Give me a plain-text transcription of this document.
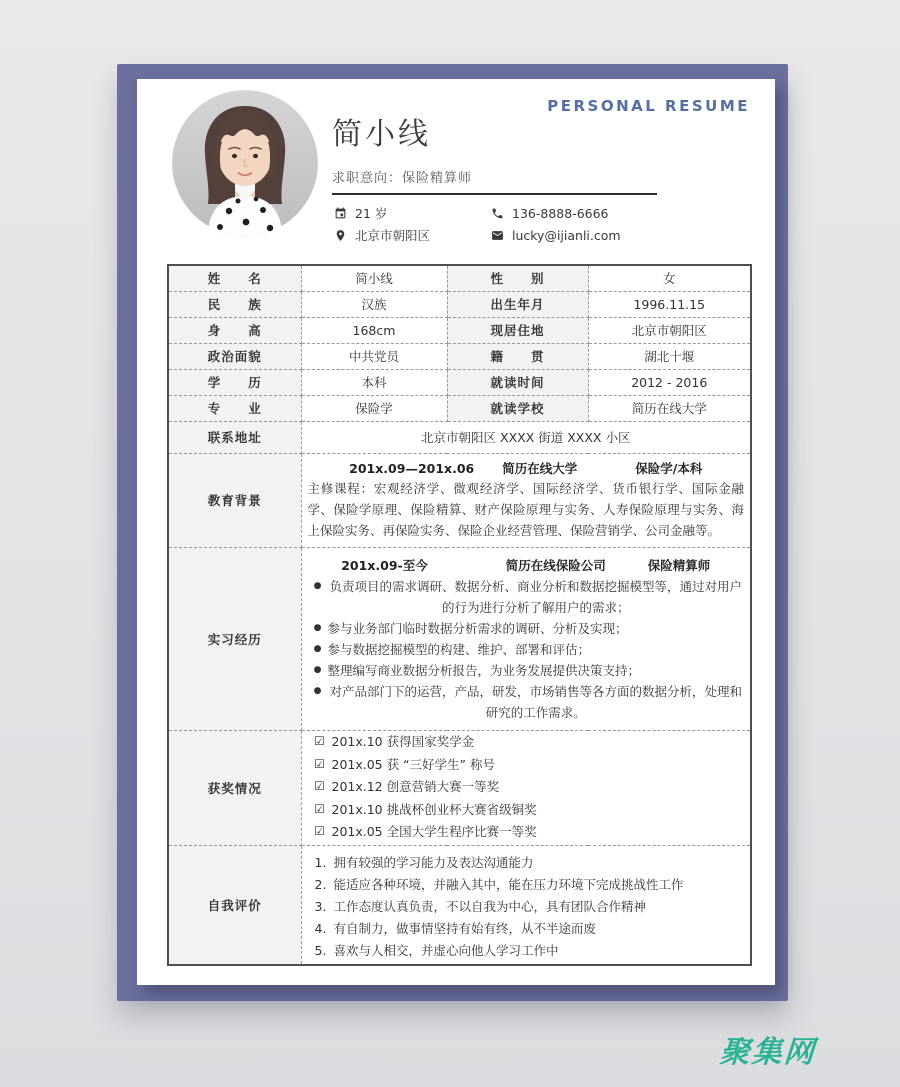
PERSONAL RESUME
简小线
求职意向：保险精算师
21 岁	136-8888-6666
北京市朝阳区	lucky@ijianli.com
姓　　名	简小线	性　　别	女
民　　族	汉族	出生年月	1996.11.15
身　　高	168cm	现居住地	北京市朝阳区
政治面貌	中共党员	籍　　贯	湖北十堰
学　　历	本科	就读时间	2012 - 2016
专　　业	保险学	就读学校	简历在线大学
联系地址	北京市朝阳区 XXXX 街道 XXXX 小区		
教育背景	201x.09—201x.06 简历在线大学 保险学/本科
主修课程：宏观经济学、微观经济学、国际经济学、货币银行学、国际金融学、保险学原理、保险精算、财产保险原理与实务、人寿保险原理与实务、海上保险实务、再保险实务、保险企业经营管理、保险营销学、公司金融等。		

实习经历	
201x.09-至今	简历在线保险公司	保险精算师
● 负责项目的需求调研、数据分析、商业分析和数据挖掘模型等，通过对用户的行为进行分析了解用户的需求；
● 参与业务部门临时数据分析需求的调研、分析及实现；
● 参与数据挖掘模型的构建、维护、部署和评估；
● 整理编写商业数据分析报告，为业务发展提供决策支持；
● 对产品部门下的运营，产品，研发，市场销售等各方面的数据分析，处理和研究的工作需求。

获奖情况	
☑ 201x.10 获得国家奖学金
☑ 201x.05 获 “三好学生” 称号
☑ 201x.12 创意营销大赛一等奖
☑ 201x.10 挑战杯创业杯大赛省级铜奖
☑ 201x.05 全国大学生程序比赛一等奖

自我评价	
1. 拥有较强的学习能力及表达沟通能力
2. 能适应各种环境，并融入其中，能在压力环境下完成挑战性工作
3. 工作态度认真负责，不以自我为中心，具有团队合作精神
4. 有自制力，做事情坚持有始有终，从不半途而废
5. 喜欢与人相交，并虚心向他人学习工作中
聚集网
